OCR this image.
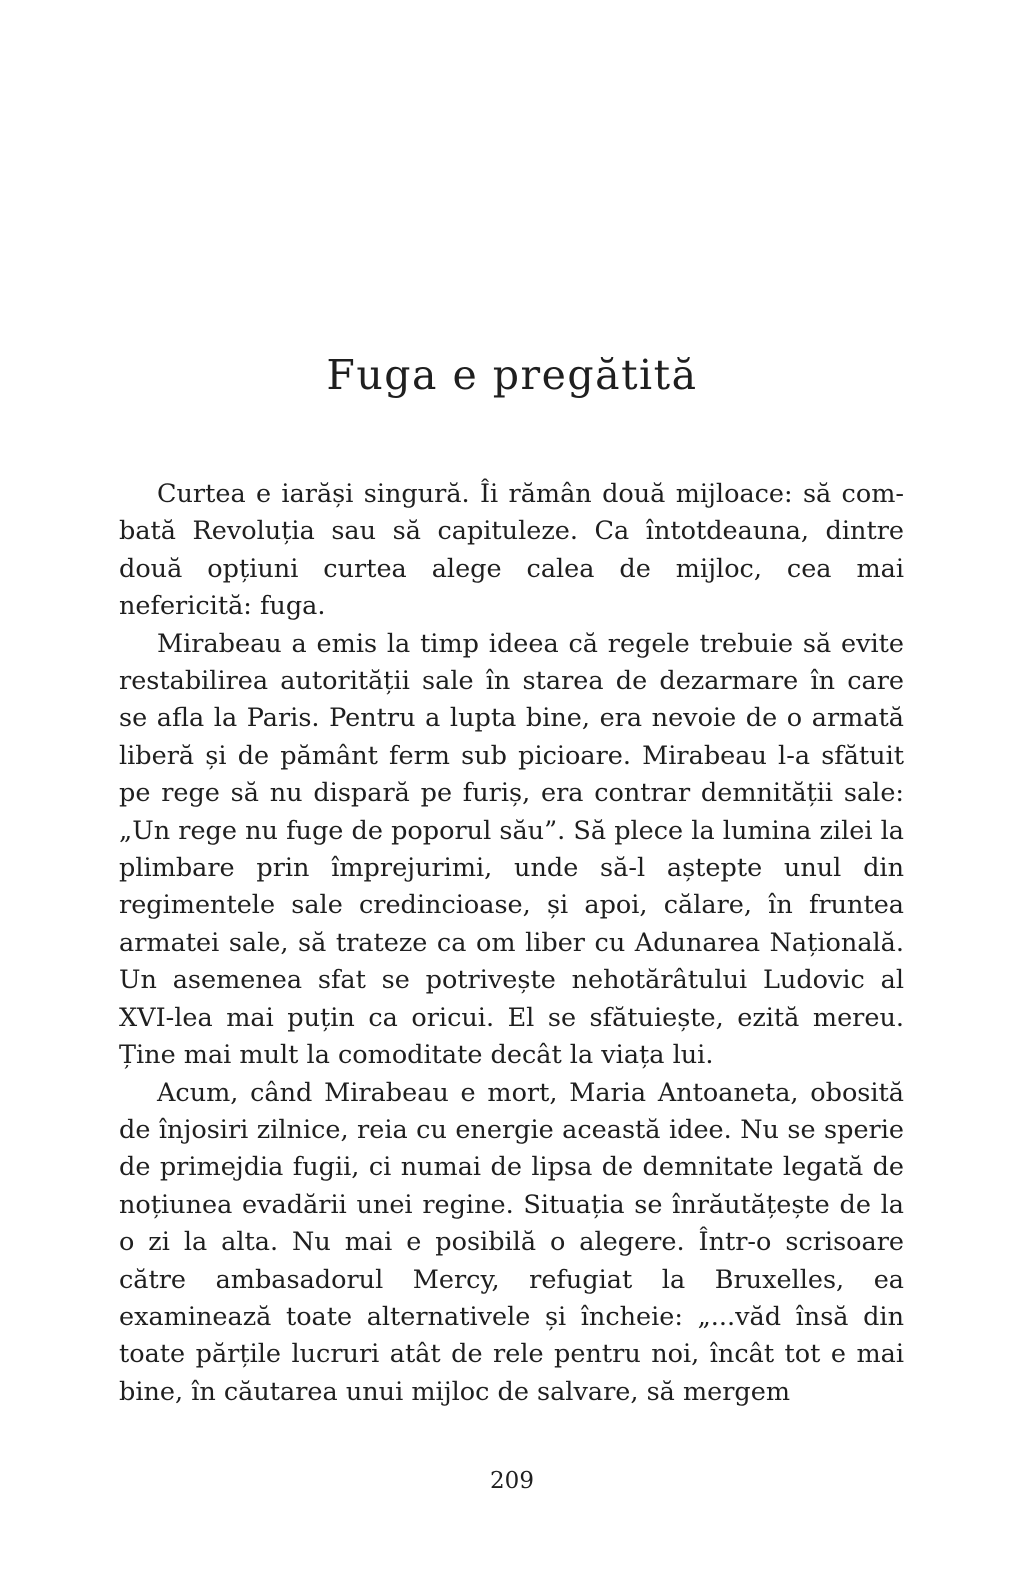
Fuga e pregătită

Curtea e iarăși singură. Îi rămân două mijloace: să combată Revoluția sau să capituleze. Ca întotdeauna, dintre două opțiuni curtea alege calea de mijloc, cea mai nefericită: fuga.

Mirabeau a emis la timp ideea că regele trebuie să evite restabilirea autorității sale în starea de dezarmare în care se afla la Paris. Pentru a lupta bine, era nevoie de o armată liberă și de pământ ferm sub picioare. Mirabeau l-a sfătuit pe rege să nu dispară pe furiș, era contrar demnității sale: „Un rege nu fuge de poporul său”. Să plece la lumina zilei la plimbare prin împrejurimi, unde să-l aștepte unul din regimentele sale credincioase, și apoi, călare, în fruntea armatei sale, să trateze ca om liber cu Adunarea Națională. Un asemenea sfat se potrivește nehotărâtului Ludovic al XVI-lea mai puțin ca oricui. El se sfătuiește, ezită mereu. Ține mai mult la comoditate decât la viața lui.

Acum, când Mirabeau e mort, Maria Antoaneta, obosită de înjosiri zilnice, reia cu energie această idee. Nu se sperie de primejdia fugii, ci numai de lipsa de demnitate legată de noțiunea evadării unei regine. Situația se înrăutățește de la o zi la alta. Nu mai e posibilă o alegere. Într-o scrisoare către ambasadorul Mercy, refugiat la Bruxelles, ea examinează toate alternativele și încheie: „...văd însă din toate părțile lucruri atât de rele pentru noi, încât tot e mai bine, în căutarea unui mijloc de salvare, să mergem

209
